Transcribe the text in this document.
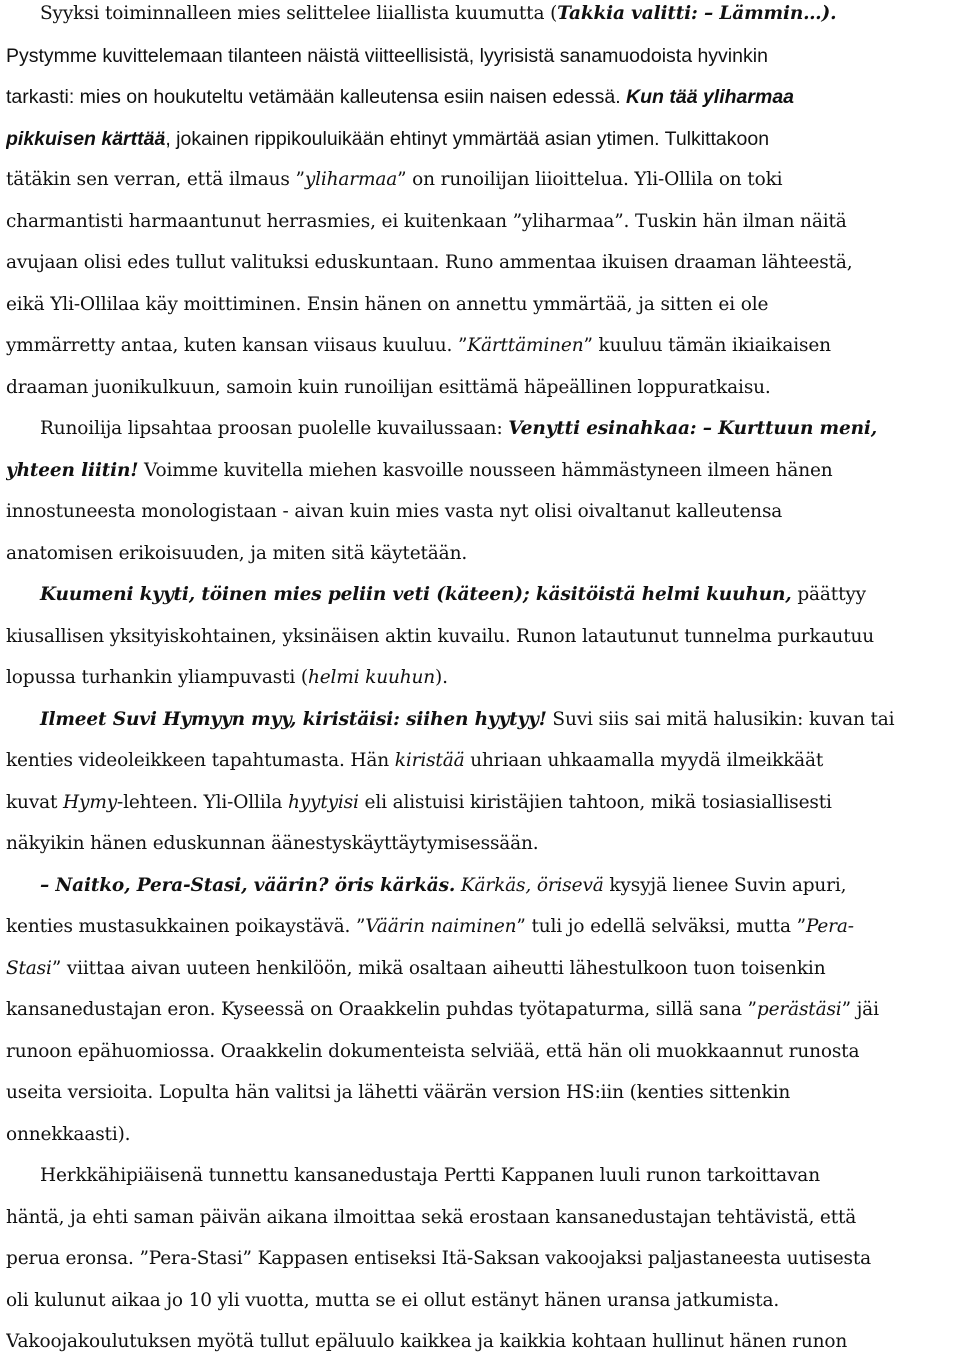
Syyksi toiminnalleen mies selittelee liiallista kuumutta (Takkia valitti: – Lämmin…).
Pystymme kuvittelemaan tilanteen näistä viitteellisistä, lyyrisistä sanamuodoista hyvinkin
tarkasti: mies on houkuteltu vetämään kalleutensa esiin naisen edessä. Kun tää yliharmaa
pikkuisen kärttää, jokainen rippikouluikään ehtinyt ymmärtää asian ytimen. Tulkittakoon
tätäkin sen verran, että ilmaus ”yliharmaa” on runoilijan liioittelua. Yli-Ollila on toki
charmantisti harmaantunut herrasmies, ei kuitenkaan ”yliharmaa”. Tuskin hän ilman näitä
avujaan olisi edes tullut valituksi eduskuntaan. Runo ammentaa ikuisen draaman lähteestä,
eikä Yli-Ollilaa käy moittiminen. Ensin hänen on annettu ymmärtää, ja sitten ei ole
ymmärretty antaa, kuten kansan viisaus kuuluu. ”Kärttäminen” kuuluu tämän ikiaikaisen
draaman juonikulkuun, samoin kuin runoilijan esittämä häpeällinen loppuratkaisu.
Runoilija lipsahtaa proosan puolelle kuvailussaan: Venytti esinahkaa: – Kurttuun meni,
yhteen liitin! Voimme kuvitella miehen kasvoille nousseen hämmästyneen ilmeen hänen
innostuneesta monologistaan - aivan kuin mies vasta nyt olisi oivaltanut kalleutensa
anatomisen erikoisuuden, ja miten sitä käytetään.
Kuumeni kyyti, töinen mies peliin veti (käteen); käsitöistä helmi kuuhun, päättyy
kiusallisen yksityiskohtainen, yksinäisen aktin kuvailu. Runon latautunut tunnelma purkautuu
lopussa turhankin yliampuvasti (helmi kuuhun).
Ilmeet Suvi Hymyyn myy, kiristäisi: siihen hyytyy! Suvi siis sai mitä halusikin: kuvan tai
kenties videoleikkeen tapahtumasta. Hän kiristää uhriaan uhkaamalla myydä ilmeikkäät
kuvat Hymy-lehteen. Yli-Ollila hyytyisi eli alistuisi kiristäjien tahtoon, mikä tosiasiallisesti
näkyikin hänen eduskunnan äänestyskäyttäytymisessään.
– Naitko, Pera-Stasi, väärin? öris kärkäs. Kärkäs, örisevä kysyjä lienee Suvin apuri,
kenties mustasukkainen poikaystävä. ”Väärin naiminen” tuli jo edellä selväksi, mutta ”Pera-
Stasi” viittaa aivan uuteen henkilöön, mikä osaltaan aiheutti lähestulkoon tuon toisenkin
kansanedustajan eron. Kyseessä on Oraakkelin puhdas työtapaturma, sillä sana ”perästäsi” jäi
runoon epähuomiossa. Oraakkelin dokumenteista selviää, että hän oli muokkaannut runosta
useita versioita. Lopulta hän valitsi ja lähetti väärän version HS:iin (kenties sittenkin
onnekkaasti).
Herkkähipiäisenä tunnettu kansanedustaja Pertti Kappanen luuli runon tarkoittavan
häntä, ja ehti saman päivän aikana ilmoittaa sekä erostaan kansanedustajan tehtävistä, että
perua eronsa. ”Pera-Stasi” Kappasen entiseksi Itä-Saksan vakoojaksi paljastaneesta uutisesta
oli kulunut aikaa jo 10 yli vuotta, mutta se ei ollut estänyt hänen uransa jatkumista.
Vakoojakoulutuksen myötä tullut epäluulo kaikkea ja kaikkia kohtaan hullinut hänen runon
